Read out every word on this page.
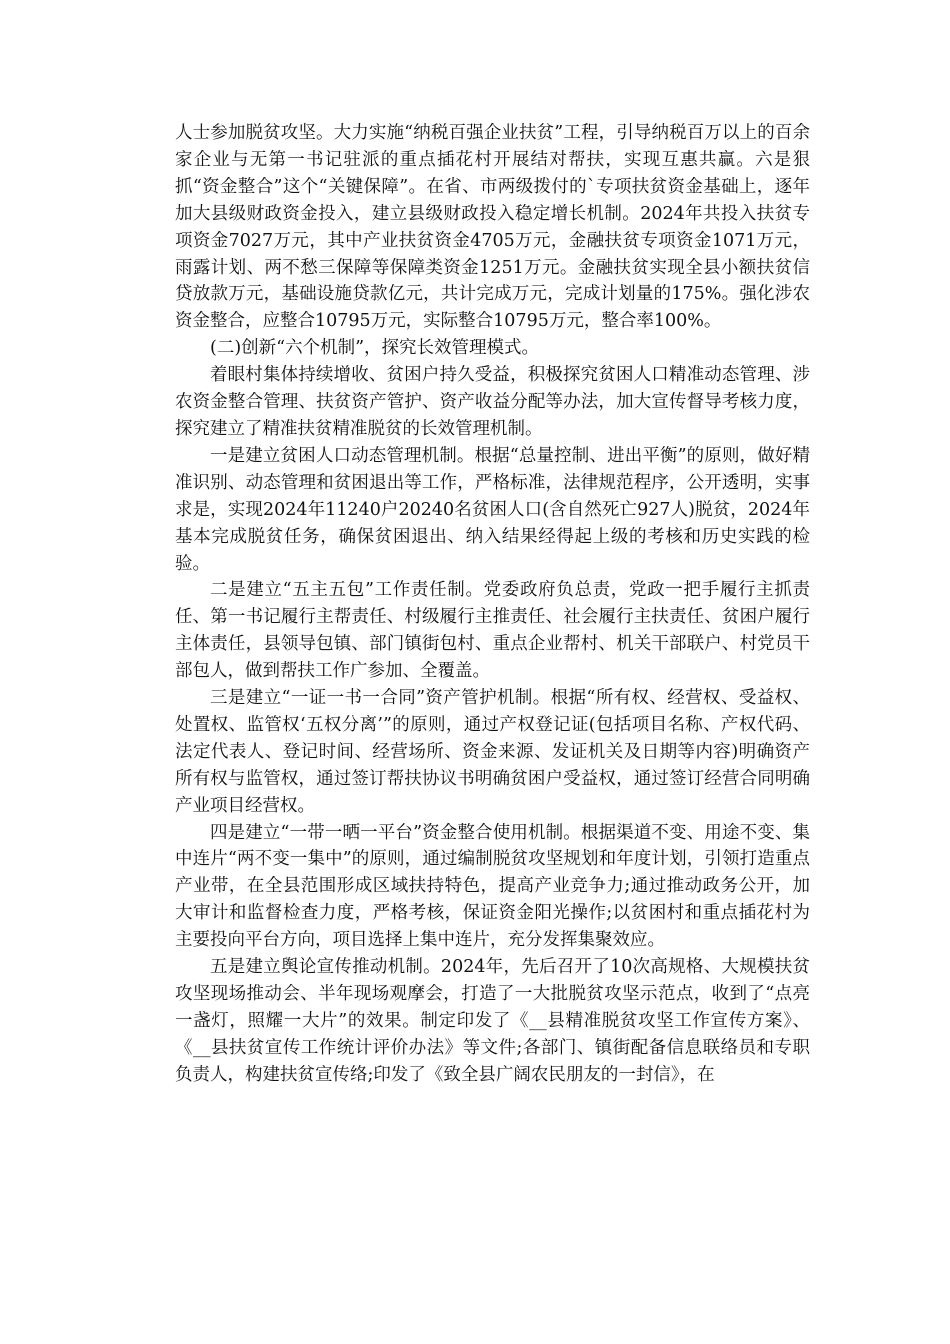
人士参加脱贫攻坚。大力实施“纳税百强企业扶贫”工程，引导纳税百万以上的百余家企业与无第一书记驻派的重点插花村开展结对帮扶，实现互惠共赢。六是狠抓“资金整合”这个“关键保障”。在省、市两级拨付的`专项扶贫资金基础上，逐年加大县级财政资金投入，建立县级财政投入稳定增长机制。2024年共投入扶贫专项资金7027万元，其中产业扶贫资金4705万元，金融扶贫专项资金1071万元，雨露计划、两不愁三保障等保障类资金1251万元。金融扶贫实现全县小额扶贫信贷放款万元，基础设施贷款亿元，共计完成万元，完成计划量的175%。强化涉农资金整合，应整合10795万元，实际整合10795万元，整合率100%。

(二)创新“六个机制”，探究长效管理模式。

着眼村集体持续增收、贫困户持久受益，积极探究贫困人口精准动态管理、涉农资金整合管理、扶贫资产管护、资产收益分配等办法，加大宣传督导考核力度，探究建立了精准扶贫精准脱贫的长效管理机制。

一是建立贫困人口动态管理机制。根据“总量控制、进出平衡”的原则，做好精准识别、动态管理和贫困退出等工作，严格标准，法律规范程序，公开透明，实事求是，实现2024年11240户20240名贫困人口(含自然死亡927人)脱贫，2024年基本完成脱贫任务，确保贫困退出、纳入结果经得起上级的考核和历史实践的检验。

二是建立“五主五包”工作责任制。党委政府负总责，党政一把手履行主抓责任、第一书记履行主帮责任、村级履行主推责任、社会履行主扶责任、贫困户履行主体责任，县领导包镇、部门镇街包村、重点企业帮村、机关干部联户、村党员干部包人，做到帮扶工作广参加、全覆盖。

三是建立“一证一书一合同”资产管护机制。根据“所有权、经营权、受益权、处置权、监管权‘五权分离’”的原则，通过产权登记证(包括项目名称、产权代码、法定代表人、登记时间、经营场所、资金来源、发证机关及日期等内容)明确资产所有权与监管权，通过签订帮扶协议书明确贫困户受益权，通过签订经营合同明确产业项目经营权。

四是建立“一带一晒一平台”资金整合使用机制。根据渠道不变、用途不变、集中连片“两不变一集中”的原则，通过编制脱贫攻坚规划和年度计划，引领打造重点产业带，在全县范围形成区域扶持特色，提高产业竞争力;通过推动政务公开，加大审计和监督检查力度，严格考核，保证资金阳光操作;以贫困村和重点插花村为主要投向平台方向，项目选择上集中连片，充分发挥集聚效应。

五是建立舆论宣传推动机制。2024年，先后召开了10次高规格、大规模扶贫攻坚现场推动会、半年现场观摩会，打造了一大批脱贫攻坚示范点，收到了“点亮一盏灯，照耀一大片”的效果。制定印发了《__县精准脱贫攻坚工作宣传方案》、《__县扶贫宣传工作统计评价办法》等文件;各部门、镇街配备信息联络员和专职负责人，构建扶贫宣传络;印发了《致全县广阔农民朋友的一封信》，在
